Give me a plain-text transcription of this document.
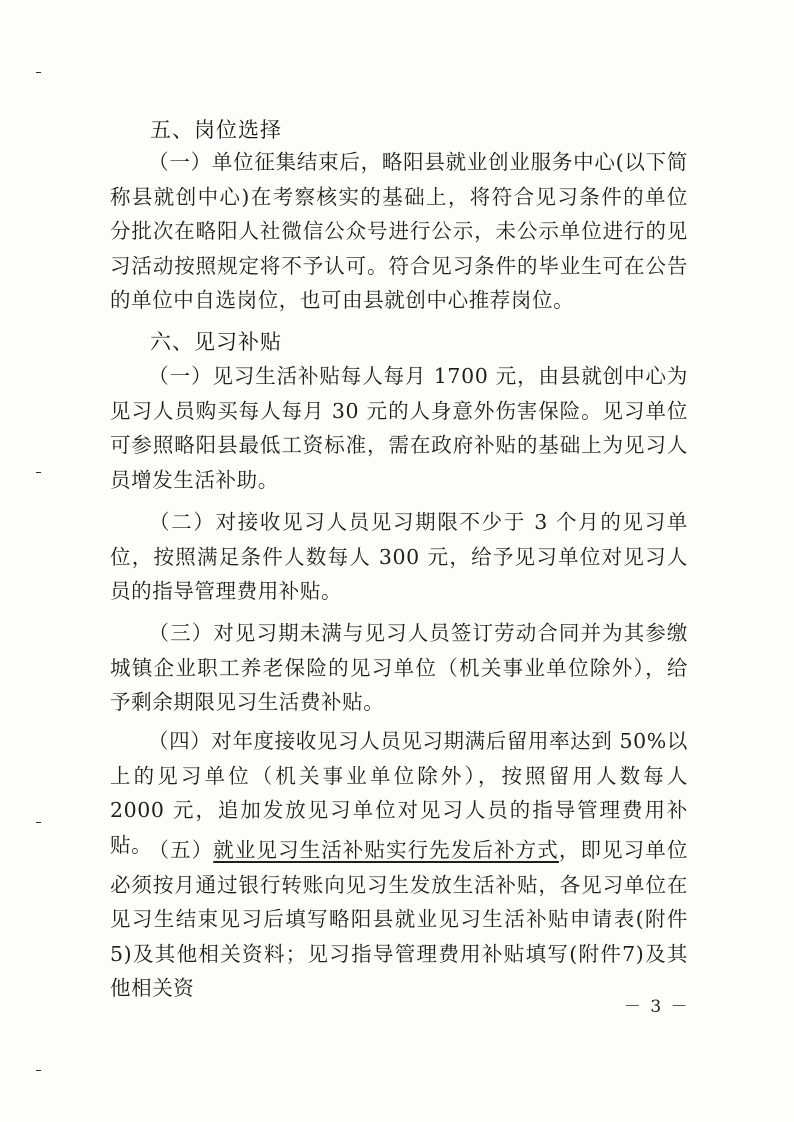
五、岗位选择
（一）单位征集结束后，略阳县就业创业服务中心(以下简称县就创中心)在考察核实的基础上，将符合见习条件的单位分批次在略阳人社微信公众号进行公示，未公示单位进行的见习活动按照规定将不予认可。符合见习条件的毕业生可在公告的单位中自选岗位，也可由县就创中心推荐岗位。
六、见习补贴
（一）见习生活补贴每人每月 1700 元，由县就创中心为见习人员购买每人每月 30 元的人身意外伤害保险。见习单位可参照略阳县最低工资标准，需在政府补贴的基础上为见习人员增发生活补助。
（二）对接收见习人员见习期限不少于 3 个月的见习单位，按照满足条件人数每人 300 元，给予见习单位对见习人员的指导管理费用补贴。
（三）对见习期未满与见习人员签订劳动合同并为其参缴城镇企业职工养老保险的见习单位（机关事业单位除外），给予剩余期限见习生活费补贴。
（四）对年度接收见习人员见习期满后留用率达到 50%以上的见习单位（机关事业单位除外），按照留用人数每人 2000 元，追加发放见习单位对见习人员的指导管理费用补贴。
（五）就业见习生活补贴实行先发后补方式，即见习单位必须按月通过银行转账向见习生发放生活补贴，各见习单位在见习生结束见习后填写略阳县就业见习生活补贴申请表(附件5)及其他相关资料；见习指导管理费用补贴填写(附件7)及其他相关资
－ 3 －
